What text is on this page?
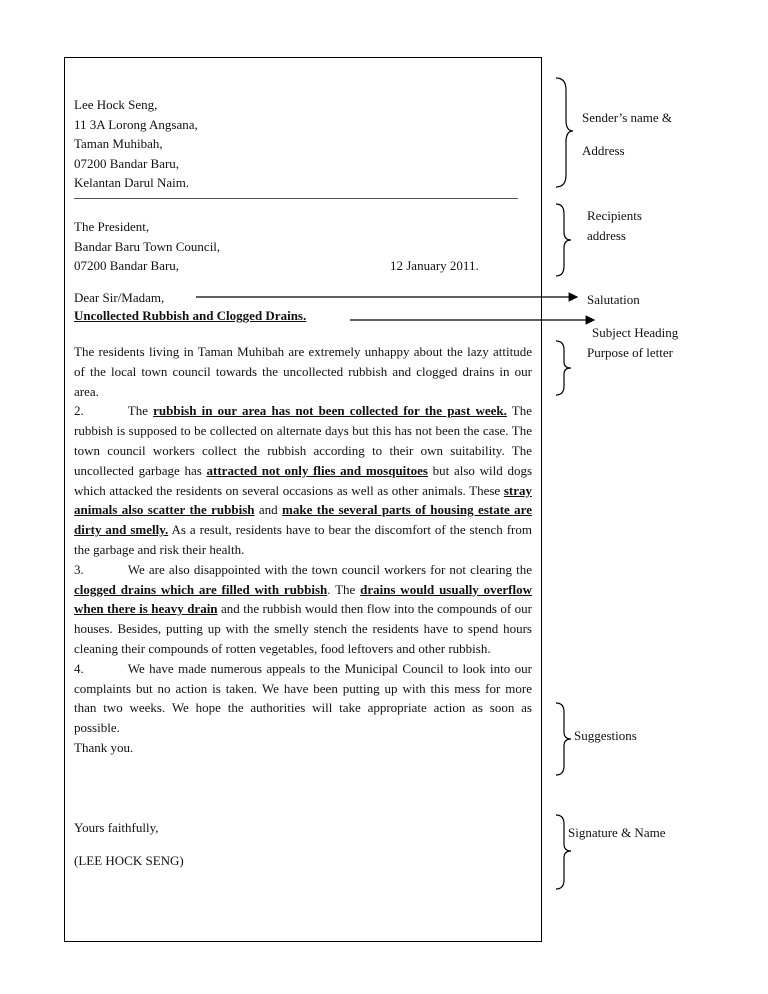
Lee Hock Seng,
11 3A Lorong Angsana,
Taman Muhibah,
07200 Bandar Baru,
Kelantan Darul Naim.
The President,
Bandar Baru Town Council,
07200 Bandar Baru,	12 January 2011.
Dear Sir/Madam,
Uncollected Rubbish and Clogged Drains.

The residents living in Taman Muhibah are extremely unhappy about the lazy attitude of the local town council towards the uncollected rubbish and clogged drains in our area.

2.	The rubbish in our area has not been collected for the past week. The rubbish is supposed to be collected on alternate days but this has not been the case. The town council workers collect the rubbish according to their own suitability. The uncollected garbage has attracted not only flies and mosquitoes but also wild dogs which attacked the residents on several occasions as well as other animals. These stray animals also scatter the rubbish and make the several parts of housing estate are dirty and smelly. As a result, residents have to bear the discomfort of the stench from the garbage and risk their health.

3.	We are also disappointed with the town council workers for not clearing the clogged drains which are filled with rubbish. The drains would usually overflow when there is heavy drain and the rubbish would then flow into the compounds of our houses. Besides, putting up with the smelly stench the residents have to spend hours cleaning their compounds of rotten vegetables, food leftovers and other rubbish.

4.	We have made numerous appeals to the Municipal Council to look into our complaints but no action is taken. We have been putting up with this mess for more than two weeks. We hope the authorities will take appropriate action as soon as possible.

Thank you.

Yours faithfully,
(LEE HOCK SENG)
Sender’s name &
Address
Recipients
address
Salutation
Subject Heading
Purpose of letter
Suggestions
Signature & Name
